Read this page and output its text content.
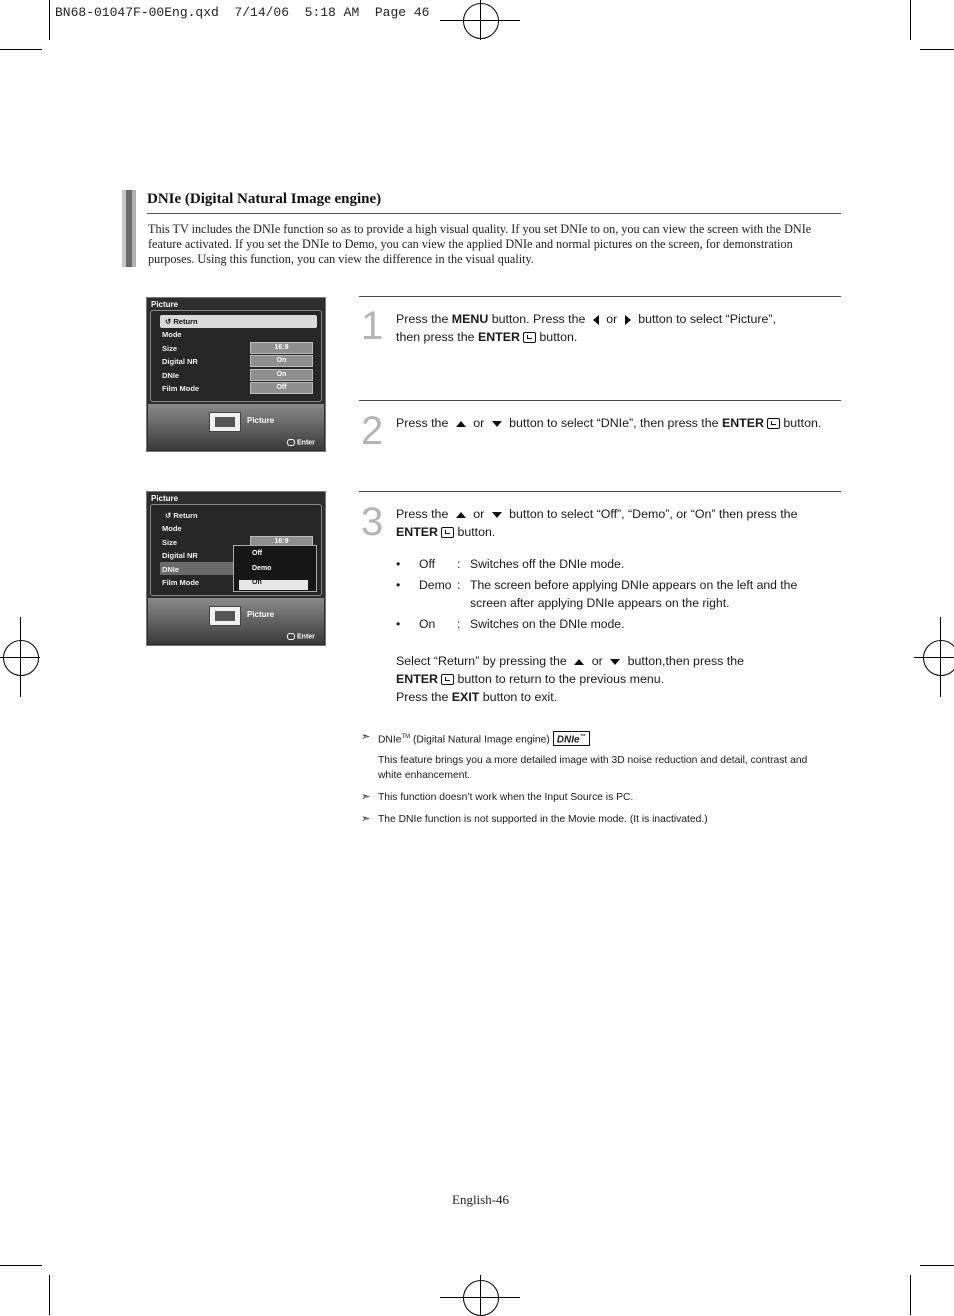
BN68-01047F-00Eng.qxd  7/14/06  5:18 AM  Page 46
DNIe (Digital Natural Image engine)
This TV includes the DNIe function so as to provide a high visual quality. If you set DNIe to on, you can view the screen with the DNIe feature activated. If you set the DNIe to Demo, you can view the applied DNIe and normal pictures on the screen, for demonstration purposes. Using this function, you can view the difference in the visual quality.
Picture
↺ Return
Mode
Size
Digital NR
DNIe
Film Mode
16:9
On
On
Off
Picture
Enter
Picture
↺ Return
Mode
Size
Digital NR
DNIe
Film Mode
16:9
Off
Demo
On
Picture
Enter
1 Press the MENU button. Press the  or  button to select “Picture”,
then press the ENTER button.
2 Press the  or  button to select “DNIe”, then press the ENTER button.
3 Press the  or  button to select “Off”, “Demo”, or “On” then press the
ENTER button.
• Off : Switches off the DNIe mode.
• Demo : The screen before applying DNIe appears on the left and the
screen after applying DNIe appears on the right.
• On : Switches on the DNIe mode.
Select “Return” by pressing the  or  button,then press the
ENTER button to return to the previous menu.
Press the EXIT button to exit.
➣ DNIe™ (Digital Natural Image engine) DNIe™
This feature brings you a more detailed image with 3D noise reduction and detail, contrast and white enhancement.
➣ This function doesn’t work when the Input Source is PC.
➣ The DNIe function is not supported in the Movie mode. (It is inactivated.)
English-46
